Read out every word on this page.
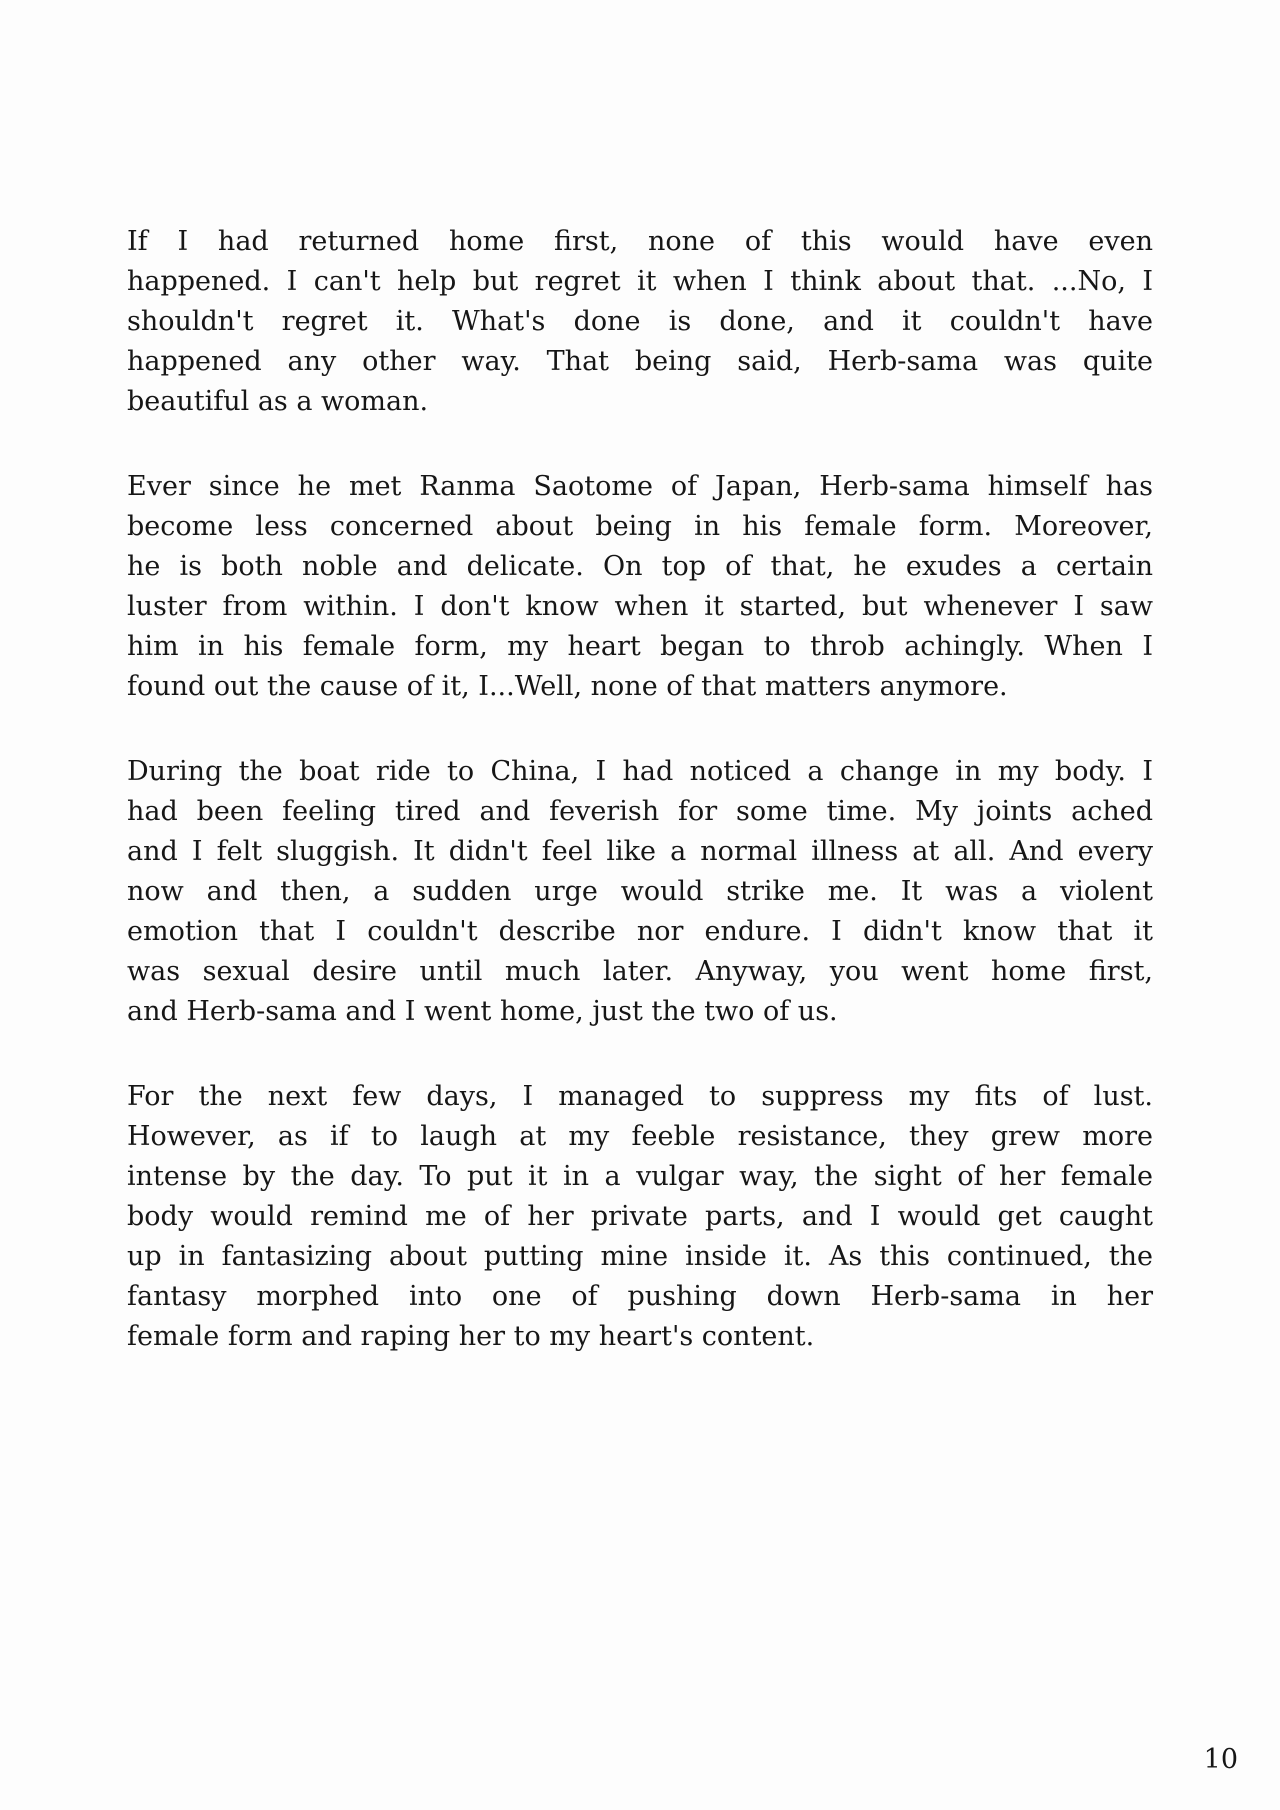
If I had returned home first, none of this would have even
happened. I can't help but regret it when I think about that. ...No, I
shouldn't regret it. What's done is done, and it couldn't have
happened any other way. That being said, Herb-sama was quite
beautiful as a woman.
Ever since he met Ranma Saotome of Japan, Herb-sama himself has
become less concerned about being in his female form. Moreover,
he is both noble and delicate. On top of that, he exudes a certain
luster from within. I don't know when it started, but whenever I saw
him in his female form, my heart began to throb achingly. When I
found out the cause of it, I...Well, none of that matters anymore.
During the boat ride to China, I had noticed a change in my body. I
had been feeling tired and feverish for some time. My joints ached
and I felt sluggish. It didn't feel like a normal illness at all. And every
now and then, a sudden urge would strike me. It was a violent
emotion that I couldn't describe nor endure. I didn't know that it
was sexual desire until much later. Anyway, you went home first,
and Herb-sama and I went home, just the two of us.
For the next few days, I managed to suppress my fits of lust.
However, as if to laugh at my feeble resistance, they grew more
intense by the day. To put it in a vulgar way, the sight of her female
body would remind me of her private parts, and I would get caught
up in fantasizing about putting mine inside it. As this continued, the
fantasy morphed into one of pushing down Herb-sama in her
female form and raping her to my heart's content.
10
